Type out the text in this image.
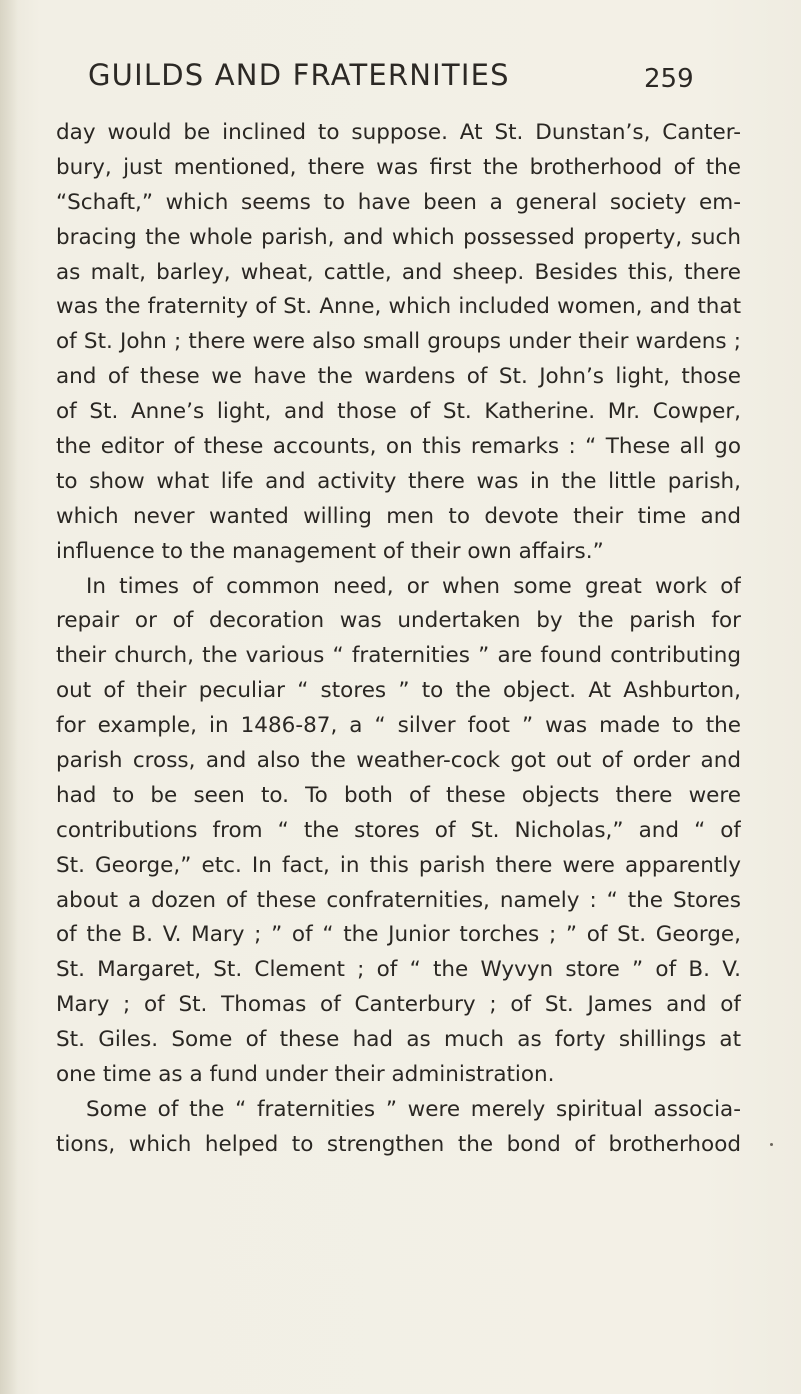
GUILDS AND FRATERNITIES	259
day would be inclined to suppose. At St. Dunstan’s, Canter-
bury, just mentioned, there was first the brotherhood of the
“Schaft,” which seems to have been a general society em-
bracing the whole parish, and which possessed property, such
as malt, barley, wheat, cattle, and sheep. Besides this, there
was the fraternity of St. Anne, which included women, and that
of St. John ; there were also small groups under their wardens ;
and of these we have the wardens of St. John’s light, those
of St. Anne’s light, and those of St. Katherine. Mr. Cowper,
the editor of these accounts, on this remarks : “ These all go
to show what life and activity there was in the little parish,
which never wanted willing men to devote their time and
influence to the management of their own affairs.”
In times of common need, or when some great work of
repair or of decoration was undertaken by the parish for
their church, the various “ fraternities ” are found contributing
out of their peculiar “ stores ” to the object. At Ashburton,
for example, in 1486-87, a “ silver foot ” was made to the
parish cross, and also the weather-cock got out of order and
had to be seen to. To both of these objects there were
contributions from “ the stores of St. Nicholas,” and “ of
St. George,” etc. In fact, in this parish there were apparently
about a dozen of these confraternities, namely : “ the Stores
of the B. V. Mary ; ” of “ the Junior torches ; ” of St. George,
St. Margaret, St. Clement ; of “ the Wyvyn store ” of B. V.
Mary ; of St. Thomas of Canterbury ; of St. James and of
St. Giles. Some of these had as much as forty shillings at
one time as a fund under their administration.
Some of the “ fraternities ” were merely spiritual associa-
tions, which helped to strengthen the bond of brotherhood
